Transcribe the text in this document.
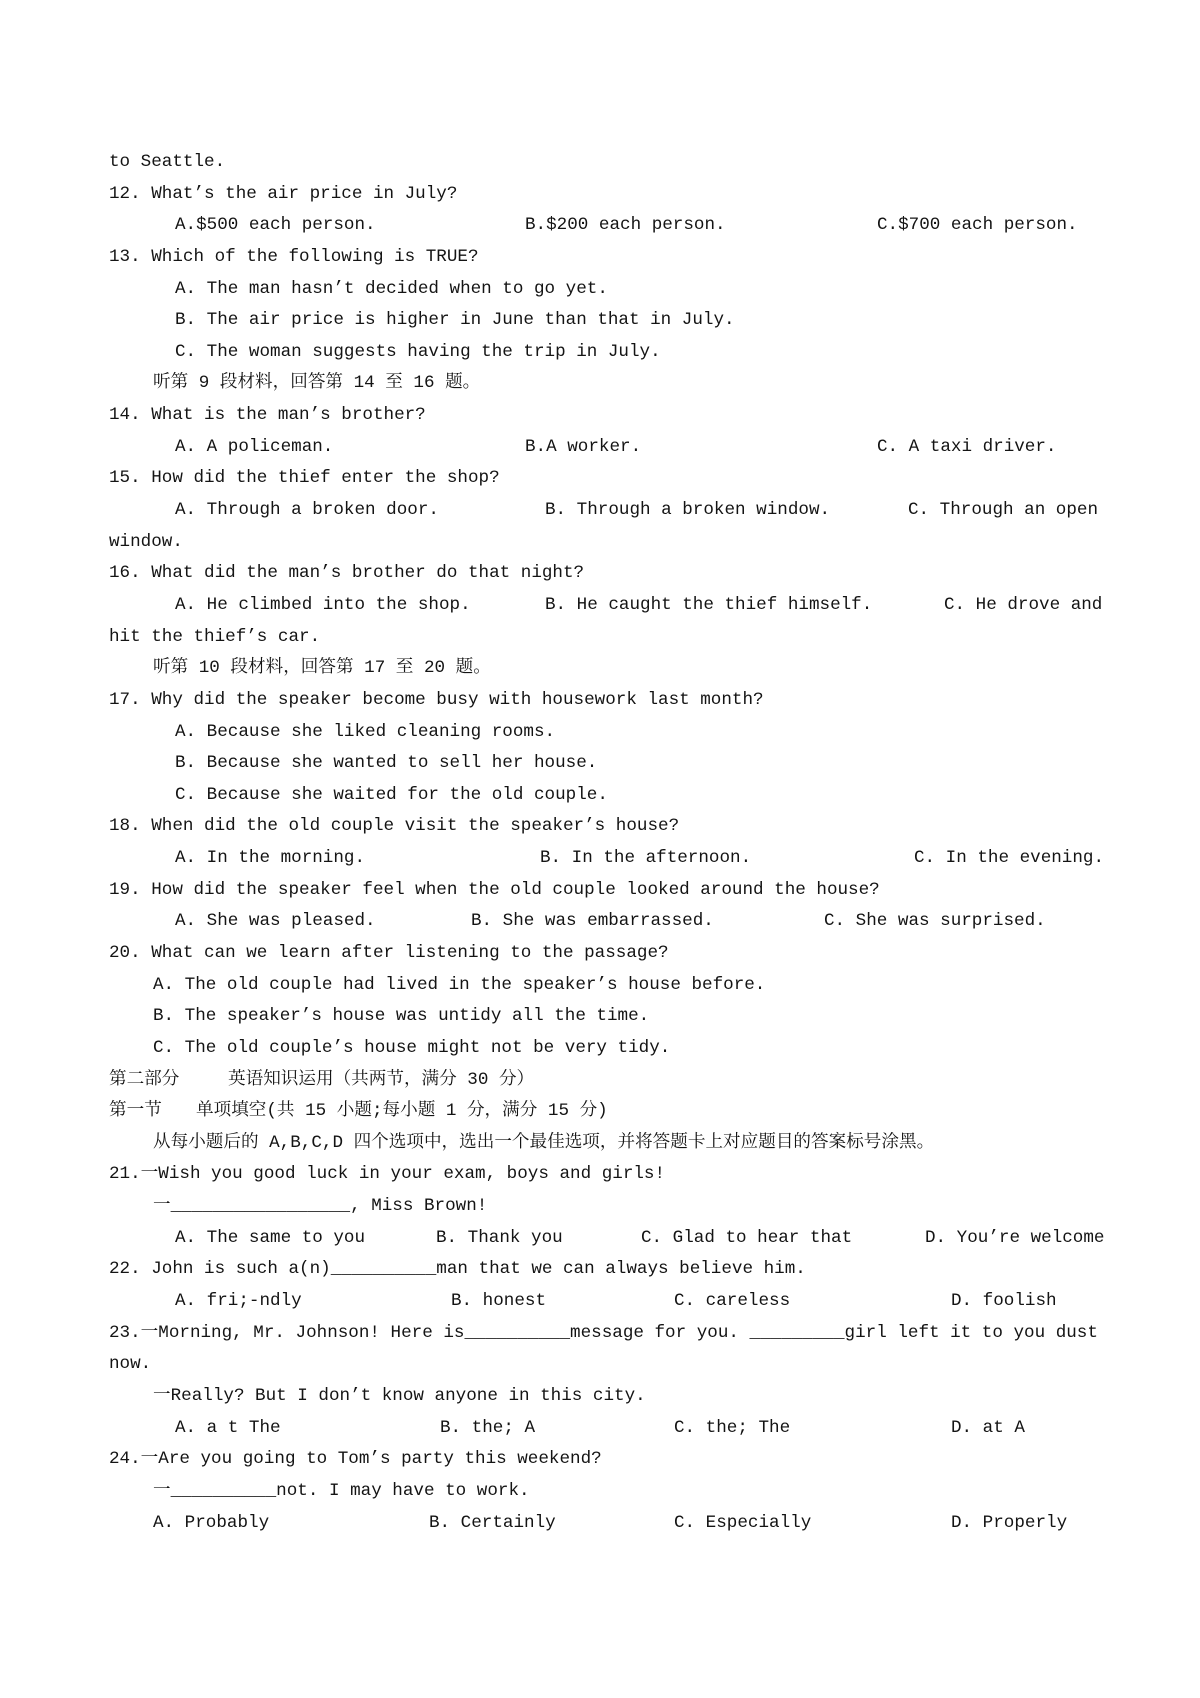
to Seattle.
12. What’s the air price in July?
A.$500 each person.	B.$200 each person.	C.$700 each person.
13. Which of the following is TRUE?
A. The man hasn’t decided when to go yet.
B. The air price is higher in June than that in July.
C. The woman suggests having the trip in July.
听第 9 段材料，回答第 14 至 16 题。
14. What is the man’s brother?
A. A policeman.	B.A worker.	C. A taxi driver.
15. How did the thief enter the shop?
A. Through a broken door.	B. Through a broken window.	C. Through an open
window.
16. What did the man’s brother do that night?
A. He climbed into the shop.	B. He caught the thief himself.	C. He drove and
hit the thief’s car.
听第 10 段材料，回答第 17 至 20 题。
17. Why did the speaker become busy with housework last month?
A. Because she liked cleaning rooms.
B. Because she wanted to sell her house.
C. Because she waited for the old couple.
18. When did the old couple visit the speaker’s house?
A. In the morning.	B. In the afternoon.	C. In the evening.
19. How did the speaker feel when the old couple looked around the house?
A. She was pleased.	B. She was embarrassed.	C. She was surprised.
20. What can we learn after listening to the passage?
A. The old couple had lived in the speaker’s house before.
B. The speaker’s house was untidy all the time.
C. The old couple’s house might not be very tidy.
第二部分	英语知识运用（共两节，满分 30 分）
第一节 单项填空(共 15 小题;每小题 1 分，满分 15 分)
从每小题后的 A,B,C,D 四个选项中，选出一个最佳选项，并将答题卡上对应题目的答案标号涂黑。
21.一Wish you good luck in your exam, boys and girls!
一_________________, Miss Brown!
A. The same to you	B. Thank you	C. Glad to hear that	D. You’re welcome
22. John is such a(n)__________man that we can always believe him.
A. fri;-ndly	B. honest	C. careless	D. foolish
23.一Morning, Mr. Johnson! Here is__________message for you. _________girl left it to you dust
now.
一Really? But I don’t know anyone in this city.
A. a t The	B. the; A	C. the; The	D. at A
24.一Are you going to Tom’s party this weekend?
一__________not. I may have to work.
A. Probably	B. Certainly	C. Especially	D. Properly
